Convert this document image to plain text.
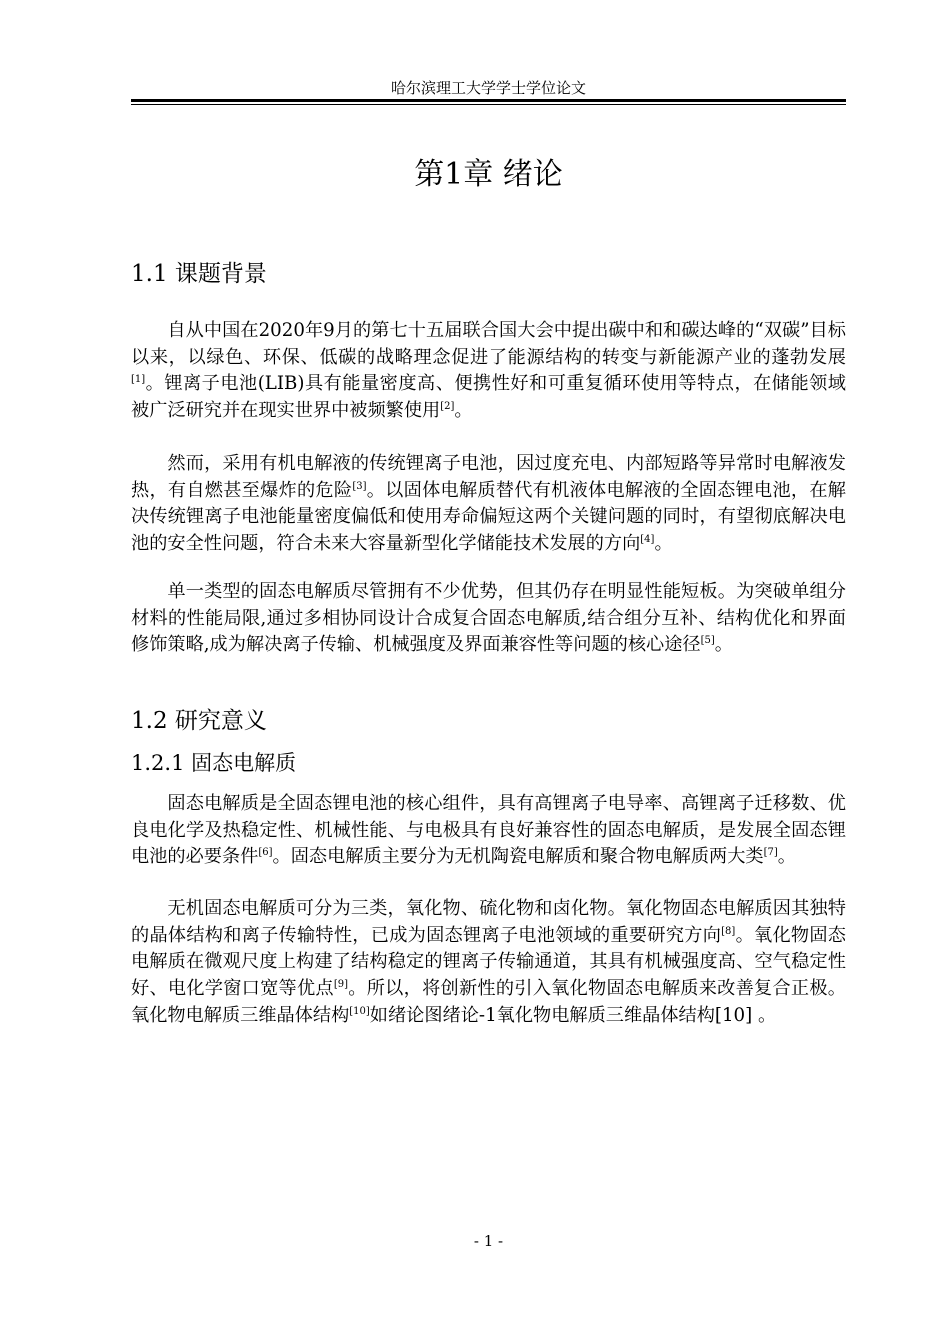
哈尔滨理工大学学士学位论文
第1章 绪论
1.1 课题背景

自从中国在2020年9月的第七十五届联合国大会中提出碳中和和碳达峰的“双碳”目标以来，以绿色、环保、低碳的战略理念促进了能源结构的转变与新能源产业的蓬勃发展[1]。锂离子电池(LIB)具有能量密度高、便携性好和可重复循环使用等特点，在储能领域被广泛研究并在现实世界中被频繁使用[2]。

然而，采用有机电解液的传统锂离子电池，因过度充电、内部短路等异常时电解液发热，有自燃甚至爆炸的危险[3]。以固体电解质替代有机液体电解液的全固态锂电池，在解决传统锂离子电池能量密度偏低和使用寿命偏短这两个关键问题的同时，有望彻底解决电池的安全性问题，符合未来大容量新型化学储能技术发展的方向[4]。

单一类型的固态电解质尽管拥有不少优势，但其仍存在明显性能短板。为突破单组分材料的性能局限,通过多相协同设计合成复合固态电解质,结合组分互补、结构优化和界面修饰策略,成为解决离子传输、机械强度及界面兼容性等问题的核心途径[5]。

1.2 研究意义
1.2.1 固态电解质

固态电解质是全固态锂电池的核心组件，具有高锂离子电导率、高锂离子迁移数、优良电化学及热稳定性、机械性能、与电极具有良好兼容性的固态电解质，是发展全固态锂电池的必要条件[6]。固态电解质主要分为无机陶瓷电解质和聚合物电解质两大类[7]。

无机固态电解质可分为三类，氧化物、硫化物和卤化物。氧化物固态电解质因其独特的晶体结构和离子传输特性，已成为固态锂离子电池领域的重要研究方向[8]。氧化物固态电解质在微观尺度上构建了结构稳定的锂离子传输通道，其具有机械强度高、空气稳定性好、电化学窗口宽等优点[9]。所以，将创新性的引入氧化物固态电解质来改善复合正极。氧化物电解质三维晶体结构[10]如绪论图绪论-1氧化物电解质三维晶体结构[10] 。

- 1 -
